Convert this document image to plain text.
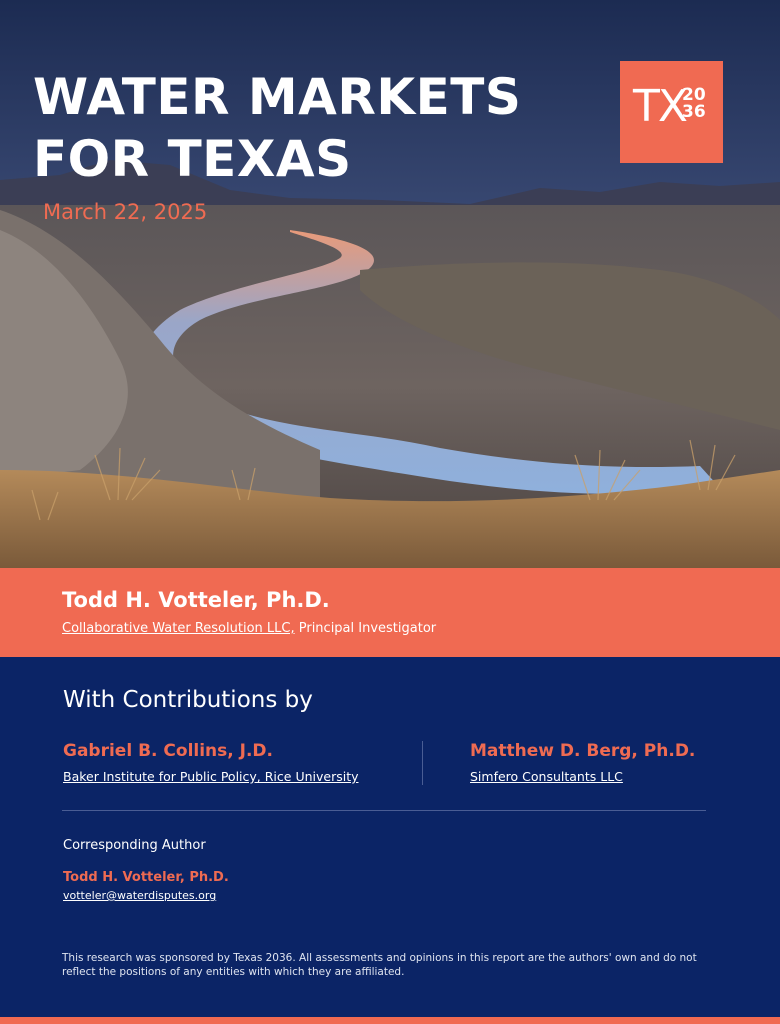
WATER MARKETS
FOR TEXAS

March 22, 2025

TX
20
36

Todd H. Votteler, Ph.D.

Collaborative Water Resolution LLC, Principal Investigator
With Contributions by

Gabriel B. Collins, J.D.

Baker Institute for Public Policy, Rice University

Matthew D. Berg, Ph.D.

Simfero Consultants LLC
Corresponding Author
Todd H. Votteler, Ph.D.
votteler@waterdisputes.org
This research was sponsored by Texas 2036. All assessments and opinions in this report are the authors' own and do not reflect the positions of any entities with which they are affiliated.
